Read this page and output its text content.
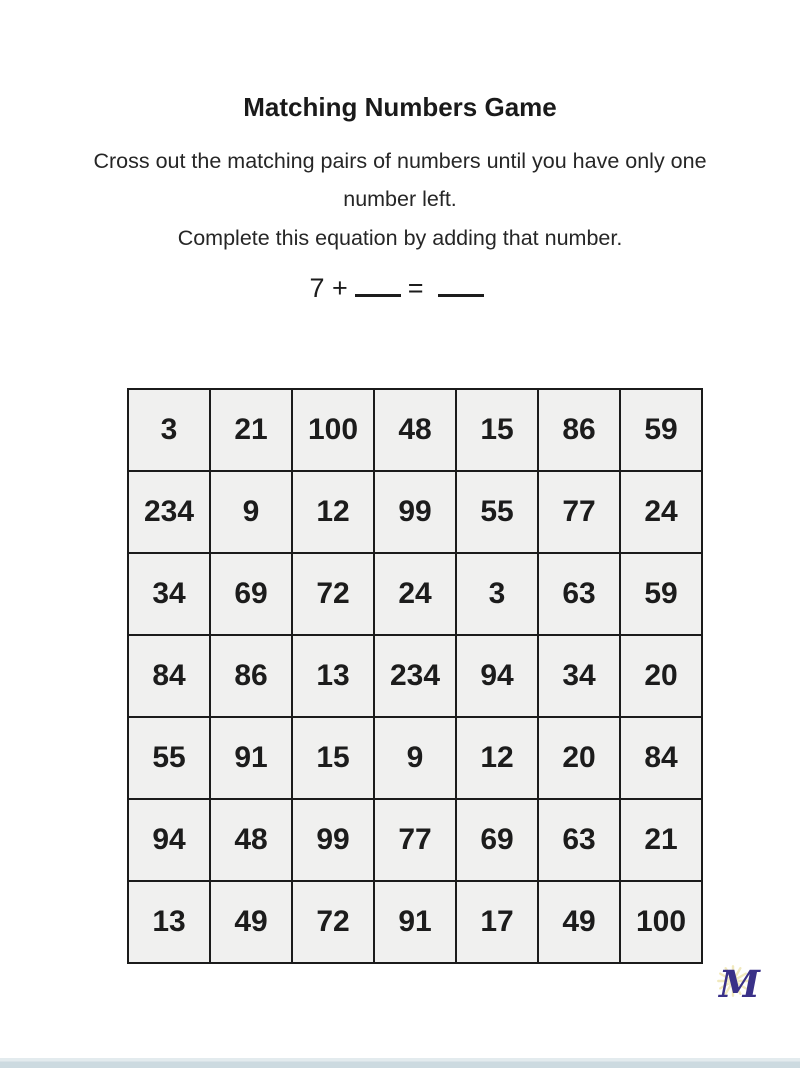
Matching Numbers Game
Cross out the matching pairs of numbers until you have only one number left.
Complete this equation by adding that number.
7 + =
3	21	100	48	15	86	59
234	9	12	99	55	77	24
34	69	72	24	3	63	59
84	86	13	234	94	34	20
55	91	15	9	12	20	84
94	48	99	77	69	63	21
13	49	72	91	17	49	100
M
